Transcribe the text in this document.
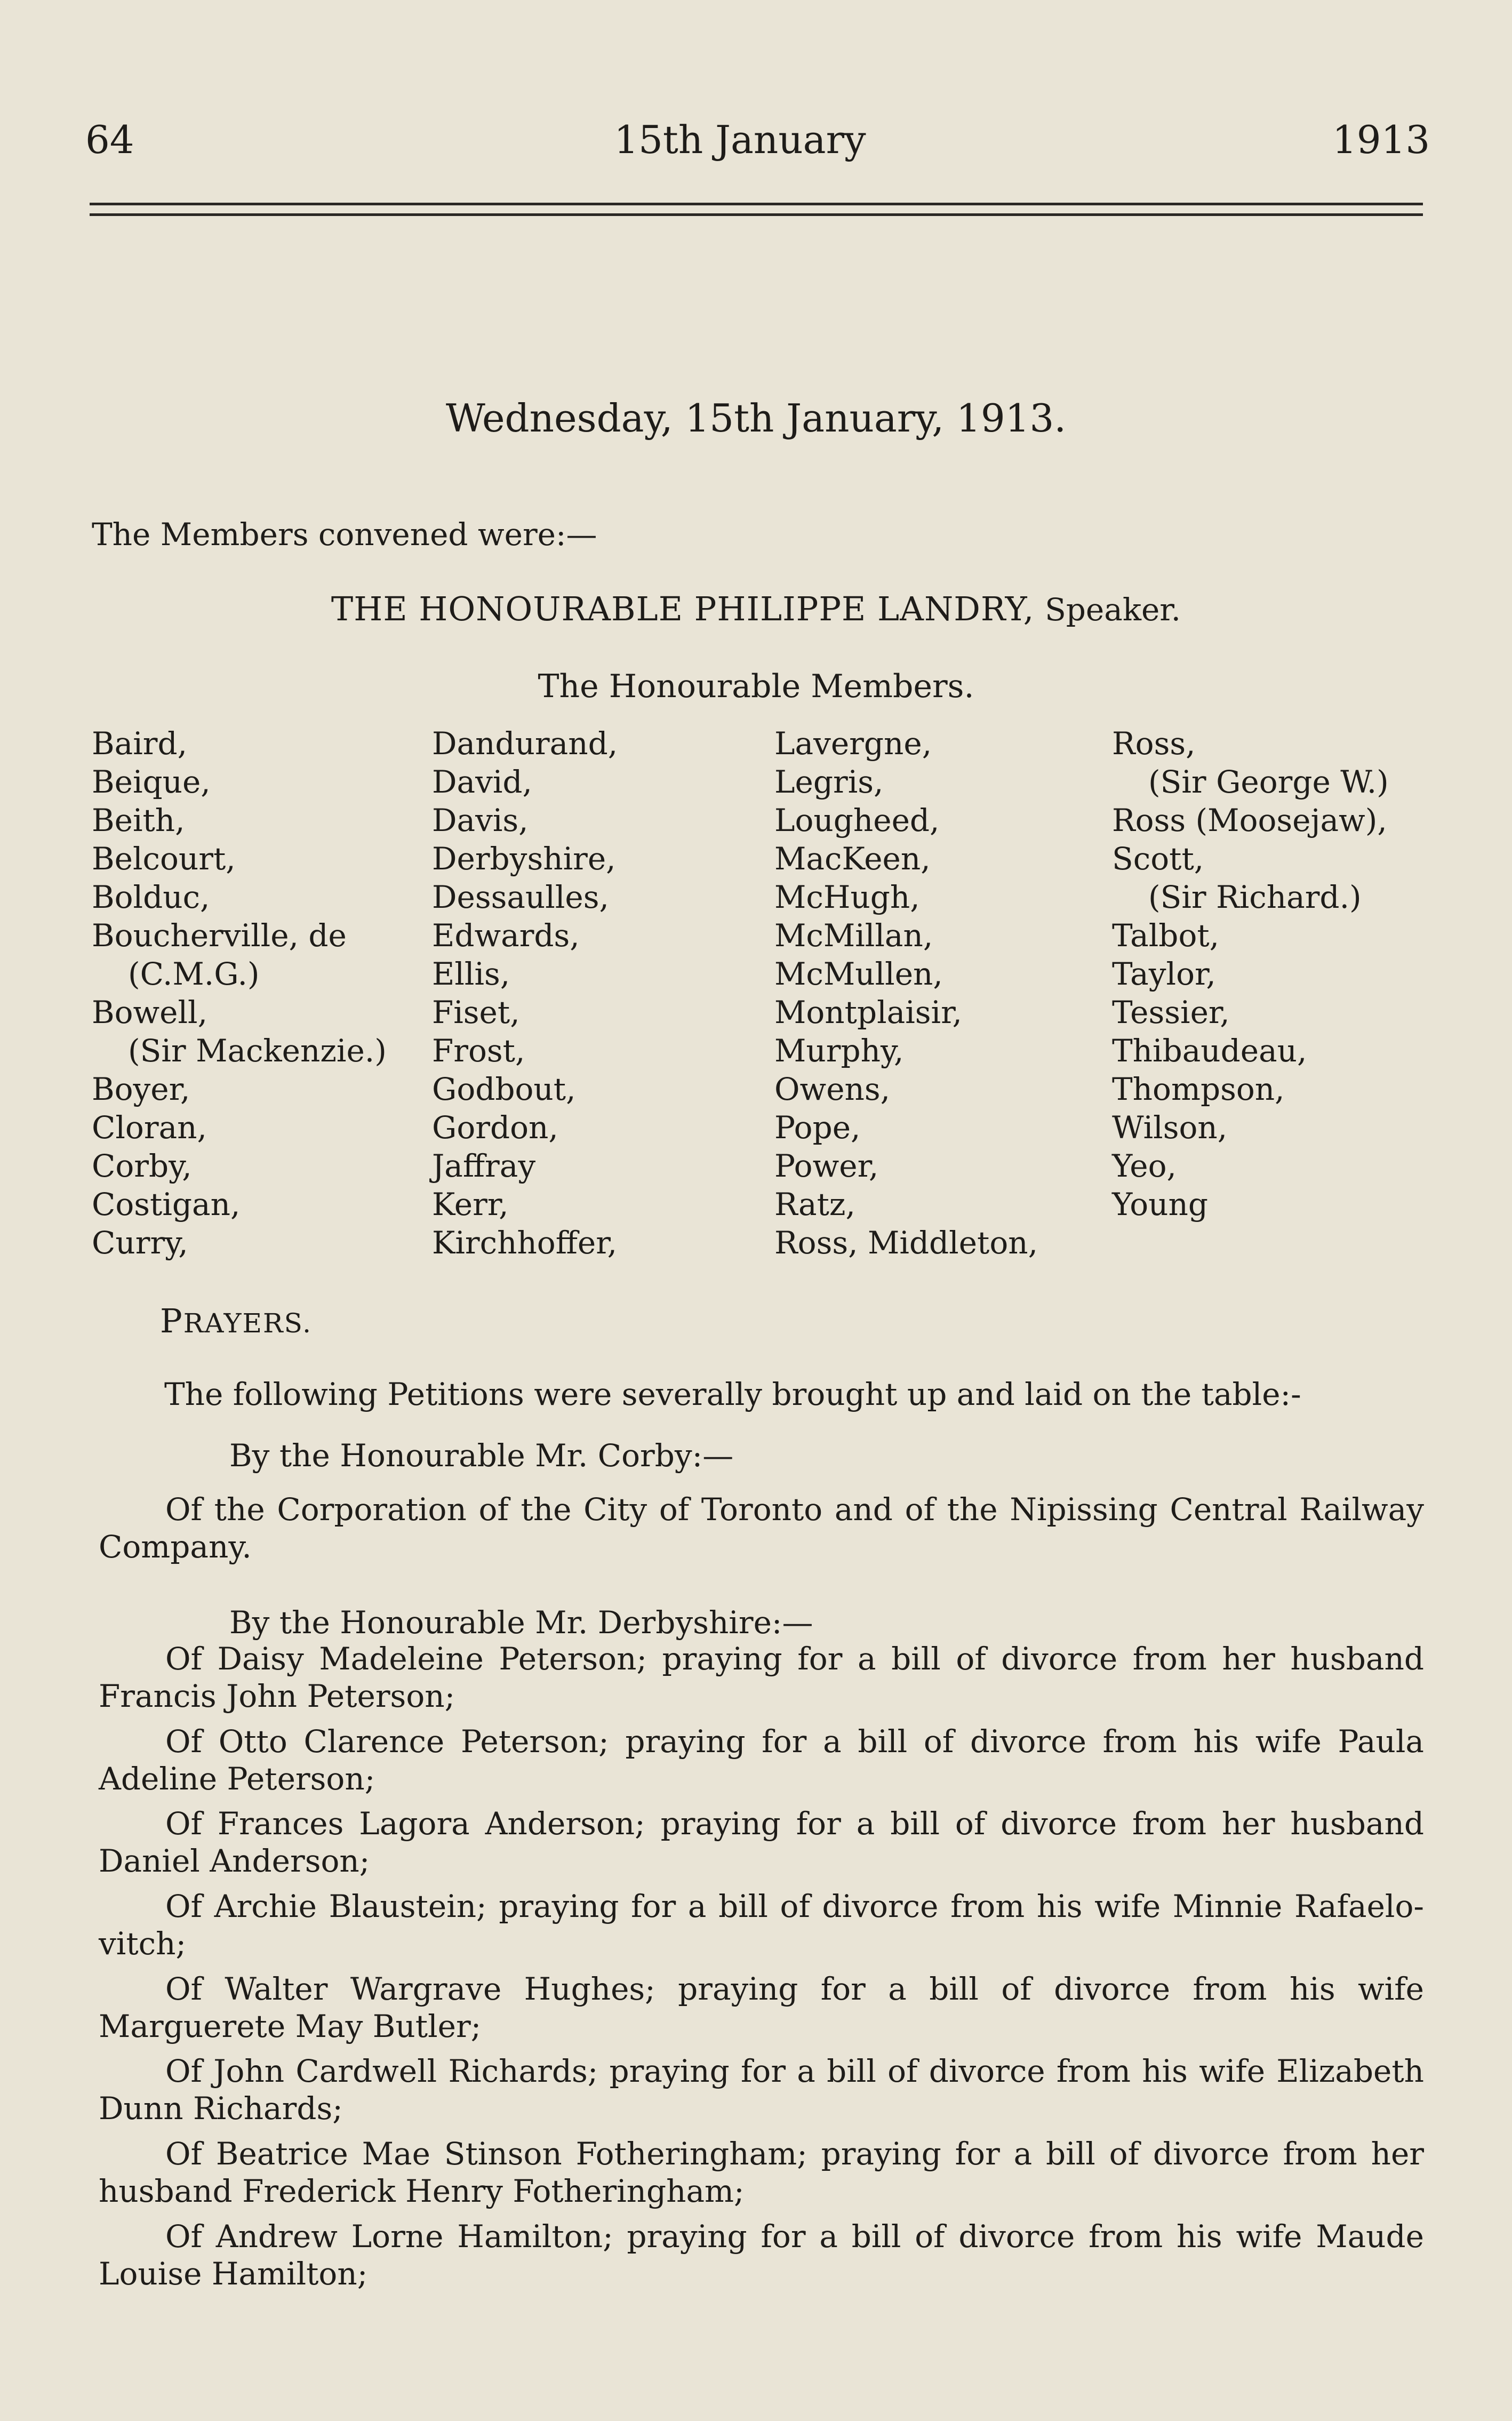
64	15th January	1913
Wednesday, 15th January, 1913.
The Members convened were:—
THE HONOURABLE PHILIPPE LANDRY, Speaker.
The Honourable Members.
Baird,
Beique,
Beith,
Belcourt,
Bolduc,
Boucherville, de
(C.M.G.)
Bowell,
(Sir Mackenzie.)
Boyer,
Cloran,
Corby,
Costigan,
Curry,
Dandurand,
David,
Davis,
Derbyshire,
Dessaulles,
Edwards,
Ellis,
Fiset,
Frost,
Godbout,
Gordon,
Jaffray
Kerr,
Kirchhoffer,
Lavergne,
Legris,
Lougheed,
MacKeen,
McHugh,
McMillan,
McMullen,
Montplaisir,
Murphy,
Owens,
Pope,
Power,
Ratz,
Ross, Middleton,
Ross,
(Sir George W.)
Ross (Moosejaw),
Scott,
(Sir Richard.)
Talbot,
Taylor,
Tessier,
Thibaudeau,
Thompson,
Wilson,
Yeo,
Young
PRAYERS.
The following Petitions were severally brought up and laid on the table:-
By the Honourable Mr. Corby:—
Of the Corporation of the City of Toronto and of the Nipissing Central Railway Company.
By the Honourable Mr. Derbyshire:—
Of Daisy Madeleine Peterson; praying for a bill of divorce from her husband Francis John Peterson;
Of Otto Clarence Peterson; praying for a bill of divorce from his wife Paula Adeline Peterson;
Of Frances Lagora Anderson; praying for a bill of divorce from her husband Daniel Anderson;
Of Archie Blaustein; praying for a bill of divorce from his wife Minnie Rafaelo-vitch;
Of Walter Wargrave Hughes; praying for a bill of divorce from his wife Marguerete May Butler;
Of John Cardwell Richards; praying for a bill of divorce from his wife Elizabeth Dunn Richards;
Of Beatrice Mae Stinson Fotheringham; praying for a bill of divorce from her husband Frederick Henry Fotheringham;
Of Andrew Lorne Hamilton; praying for a bill of divorce from his wife Maude Louise Hamilton;
